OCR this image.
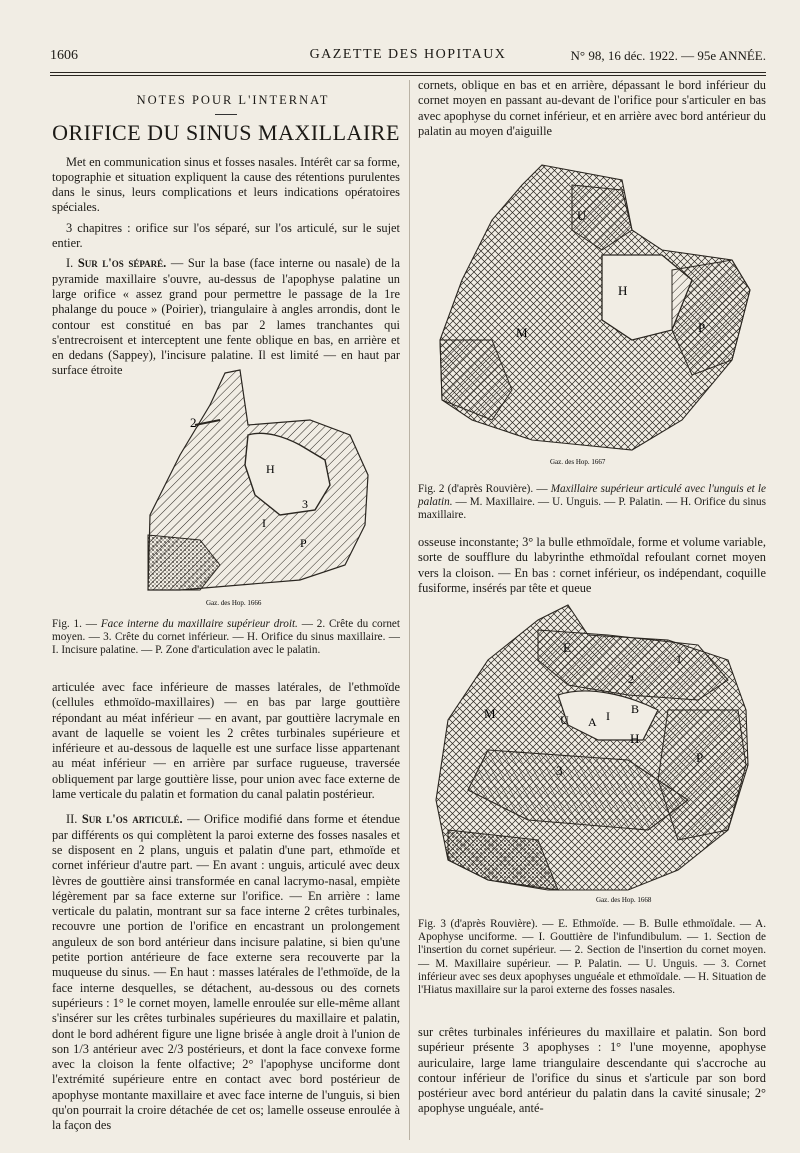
1606	GAZETTE DES HOPITAUX	N° 98, 16 déc. 1922. — 95e ANNÉE.

NOTES POUR L'INTERNAT

ORIFICE DU SINUS MAXILLAIRE

Met en communication sinus et fosses nasales. Intérêt car sa forme, topographie et situation expliquent la cause des rétentions purulentes dans le sinus, leurs complications et leurs indications opératoires spéciales.

3 chapitres : orifice sur l'os séparé, sur l'os articulé, sur le sujet entier.

I. Sur l'os séparé. — Sur la base (face interne ou nasale) de la pyramide maxillaire s'ouvre, au-dessus de l'apophyse palatine un large orifice « assez grand pour permettre le passage de la 1re phalange du pouce » (Poirier), triangulaire à angles arrondis, dont le contour est constitué en bas par 2 lames tranchantes qui s'entrecroisent et interceptent une fente oblique en bas, en arrière et en dedans (Sappey), l'incisure palatine. Il est limité — en haut par surface étroite

2
H
I
3
P
Gaz. des Hop. 1666
Fig. 1. — Face interne du maxillaire supérieur droit. — 2. Crête du cornet moyen. — 3. Crête du cornet inférieur. — H. Orifice du sinus maxillaire. — I. Incisure palatine. — P. Zone d'articulation avec le palatin.

articulée avec face inférieure de masses latérales, de l'ethmoïde (cellules ethmoïdo-maxillaires) — en bas par large gouttière répondant au méat inférieur — en avant, par gouttière lacrymale en avant de laquelle se voient les 2 crêtes turbinales supérieure et inférieure et au-dessous de laquelle est une surface lisse appartenant au méat inférieur — en arrière par surface rugueuse, traversée obliquement par large gouttière lisse, pour union avec face externe de lame verticale du palatin et formation du canal palatin postérieur.

II. Sur l'os articulé. — Orifice modifié dans forme et étendue par différents os qui complètent la paroi externe des fosses nasales et se disposent en 2 plans, unguis et palatin d'une part, ethmoïde et cornet inférieur d'autre part. — En avant : unguis, articulé avec deux lèvres de gouttière ainsi transformée en canal lacrymo-nasal, empiète légèrement par sa face externe sur l'orifice. — En arrière : lame verticale du palatin, montrant sur sa face interne 2 crêtes turbinales, recouvre une portion de l'orifice en encastrant un prolongement anguleux de son bord antérieur dans incisure palatine, si bien qu'une petite portion antérieure de face externe sera recouverte par la muqueuse du sinus. — En haut : masses latérales de l'ethmoïde, de la face interne desquelles, se détachent, au-dessous ou des cornets supérieurs : 1° le cornet moyen, lamelle enroulée sur elle-même allant s'insérer sur les crêtes turbinales supérieures du maxillaire et palatin, dont le bord adhérent figure une ligne brisée à angle droit à l'union de son 1/3 antérieur avec 2/3 postérieurs, et dont la face convexe forme avec la cloison la fente olfactive; 2° l'apophyse unciforme dont l'extrémité supérieure entre en contact avec bord postérieur de apophyse montante maxillaire et avec face interne de l'unguis, si bien qu'on pourrait la croire détachée de cet os; lamelle osseuse enroulée à la façon des

cornets, oblique en bas et en arrière, dépassant le bord inférieur du cornet moyen en passant au-devant de l'orifice pour s'articuler en bas avec apophyse du cornet inférieur, et en arrière avec bord antérieur du palatin au moyen d'aiguille

U
H
M	P
Gaz. des Hop. 1667
Fig. 2 (d'après Rouvière). — Maxillaire supérieur articulé avec l'unguis et le palatin. — M. Maxillaire. — U. Unguis. — P. Palatin. — H. Orifice du sinus maxillaire.

osseuse inconstante; 3° la bulle ethmoïdale, forme et volume variable, sorte de soufflure du labyrinthe ethmoïdal refoulant cornet moyen vers la cloison. — En bas : cornet inférieur, os indépendant, coquille fusiforme, insérés par tête et queue

E
1
2
B
M	U A I
H
3
P
Gaz. des Hop. 1668
Fig. 3 (d'après Rouvière). — E. Ethmoïde. — B. Bulle ethmoïdale. — A. Apophyse unciforme. — I. Gouttière de l'infundibulum. — 1. Section de l'insertion du cornet supérieur. — 2. Section de l'insertion du cornet moyen. — M. Maxillaire supérieur. — P. Palatin. — U. Unguis. — 3. Cornet inférieur avec ses deux apophyses unguéale et ethmoïdale. — H. Situation de l'Hiatus maxillaire sur la paroi externe des fosses nasales.

sur crêtes turbinales inférieures du maxillaire et palatin. Son bord supérieur présente 3 apophyses : 1° l'une moyenne, apophyse auriculaire, large lame triangulaire descendante qui s'accroche au contour inférieur de l'orifice du sinus et s'articule par son bord postérieur avec bord antérieur du palatin dans la cavité sinusale; 2° apophyse unguéale, anté-
